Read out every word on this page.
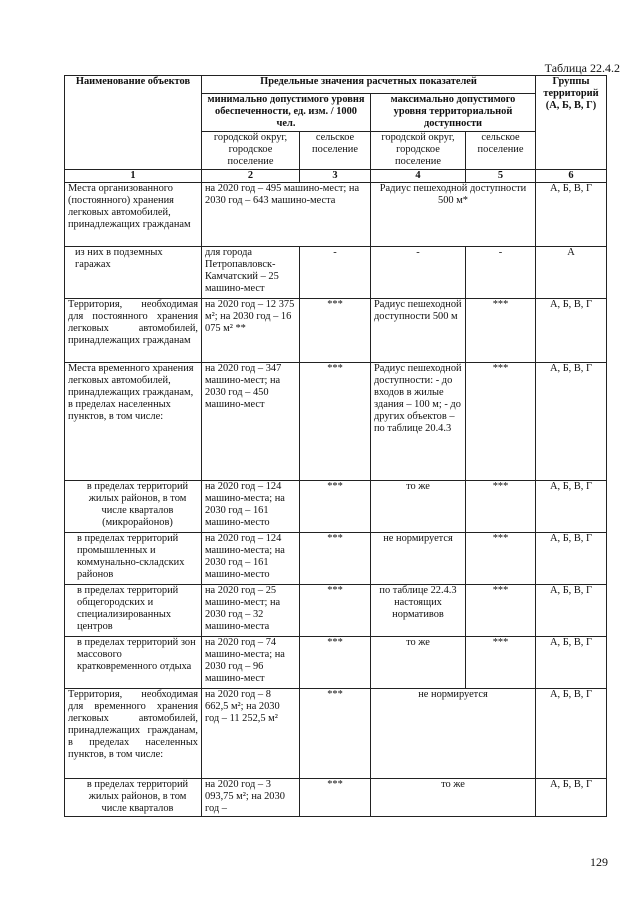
Таблица 22.4.2
Наименование объектов	Предельные значения расчетных показателей				Группы территорий (А, Б, В, Г)
	минимально допустимого уровня обеспеченности, ед. изм. / 1000 чел.		максимально допустимого уровня территориальной доступности		
	городской округ, городское поселение	сельское поселение	городской округ, городское поселение	сельское поселение	
1	2	3	4	5	6
Места организованного (постоянного) хранения легковых автомобилей, принадлежащих гражданам	на 2020 год – 495 машино-мест; на 2030 год – 643 машино-места		Радиус пешеходной доступности 500 м*		А, Б, В, Г
из них в подземных гаражах	для города Петропавловск-Камчатский – 25 машино-мест	-	-	-	А
Территория, необходимая для постоянного хранения легковых автомобилей, принадлежащих гражданам	на 2020 год – 12 375 м²; на 2030 год – 16 075 м² **	***	Радиус пешеходной доступности 500 м	***	А, Б, В, Г
Места временного хранения легковых автомобилей, принадлежащих гражданам, в пределах населенных пунктов, в том числе:	на 2020 год – 347 машино-мест; на 2030 год – 450 машино-мест	***	Радиус пешеходной доступности: - до входов в жилые здания – 100 м; - до других объектов – по таблице 20.4.3	***	А, Б, В, Г
в пределах территорий жилых районов, в том числе кварталов (микрорайонов)	на 2020 год – 124 машино-места; на 2030 год – 161 машино-место	***	то же	***	А, Б, В, Г
в пределах территорий промышленных и коммунально-складских районов	на 2020 год – 124 машино-места; на 2030 год – 161 машино-место	***	не нормируется	***	А, Б, В, Г
в пределах территорий общегородских и специализированных центров	на 2020 год – 25 машино-мест; на 2030 год – 32 машино-места	***	по таблице 22.4.3 настоящих нормативов	***	А, Б, В, Г
в пределах территорий зон массового кратковременного отдыха	на 2020 год – 74 машино-места; на 2030 год – 96 машино-мест	***	то же	***	А, Б, В, Г
Территория, необходимая для временного хранения легковых автомобилей, принадлежащих гражданам, в пределах населенных пунктов, в том числе:	на 2020 год – 8 662,5 м²; на 2030 год – 11 252,5 м²	***	не нормируется		А, Б, В, Г
в пределах территорий жилых районов, в том числе кварталов	на 2020 год – 3 093,75 м²; на 2030 год –	***	то же		А, Б, В, Г
129
